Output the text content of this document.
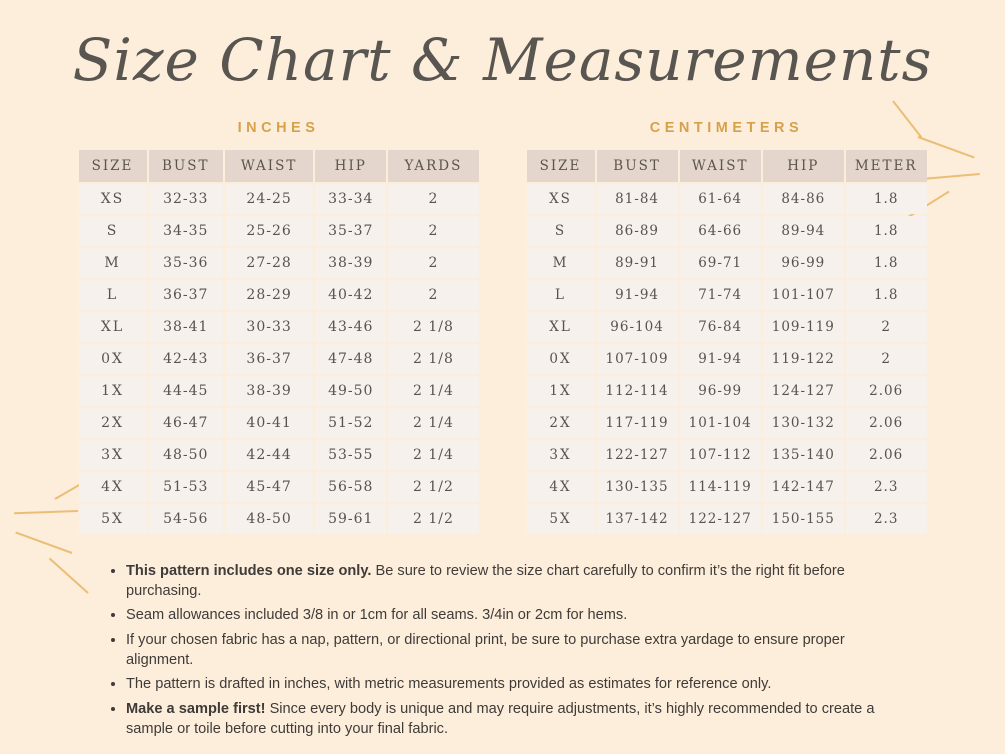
Size Chart & Measurements
INCHES
SIZE	BUST	WAIST	HIP	YARDS
XS	32-33	24-25	33-34	2
S	34-35	25-26	35-37	2
M	35-36	27-28	38-39	2
L	36-37	28-29	40-42	2
XL	38-41	30-33	43-46	2 1/8
0X	42-43	36-37	47-48	2 1/8
1X	44-45	38-39	49-50	2 1/4
2X	46-47	40-41	51-52	2 1/4
3X	48-50	42-44	53-55	2 1/4
4X	51-53	45-47	56-58	2 1/2
5X	54-56	48-50	59-61	2 1/2
CENTIMETERS
SIZE	BUST	WAIST	HIP	METER
XS	81-84	61-64	84-86	1.8
S	86-89	64-66	89-94	1.8
M	89-91	69-71	96-99	1.8
L	91-94	71-74	101-107	1.8
XL	96-104	76-84	109-119	2
0X	107-109	91-94	119-122	2
1X	112-114	96-99	124-127	2.06
2X	117-119	101-104	130-132	2.06
3X	122-127	107-112	135-140	2.06
4X	130-135	114-119	142-147	2.3
5X	137-142	122-127	150-155	2.3
• This pattern includes one size only. Be sure to review the size chart carefully to confirm it’s the right fit before purchasing.
• Seam allowances included 3/8 in or 1cm for all seams. 3/4in or 2cm for hems.
• If your chosen fabric has a nap, pattern, or directional print, be sure to purchase extra yardage to ensure proper alignment.
• The pattern is drafted in inches, with metric measurements provided as estimates for reference only.
• Make a sample first! Since every body is unique and may require adjustments, it’s highly recommended to create a sample or toile before cutting into your final fabric.
